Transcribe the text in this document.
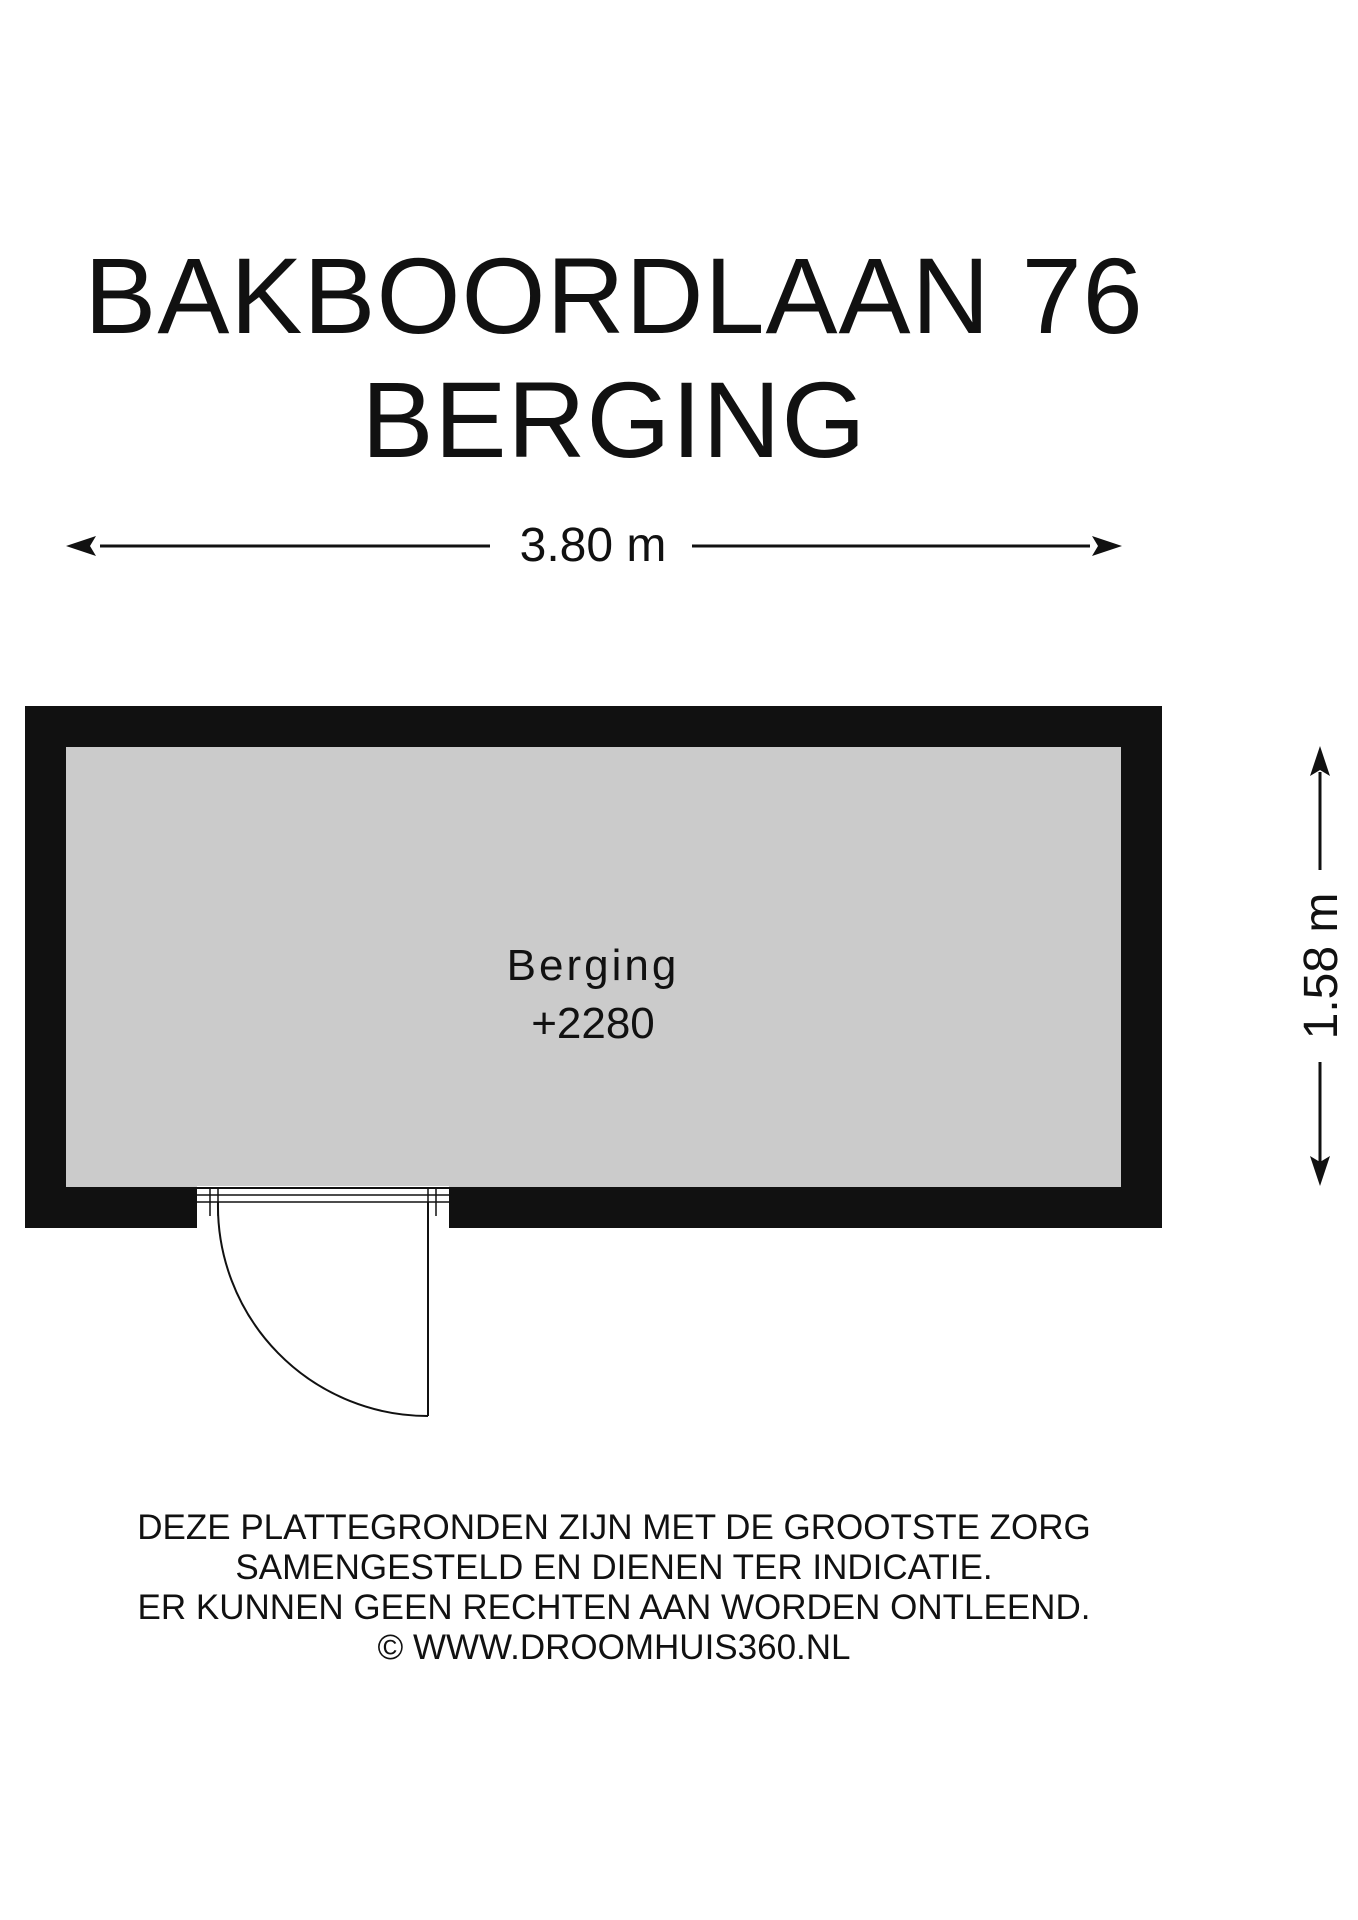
BAKBOORDLAAN 76
BERGING
3.80 m
Berging
+2280	1.58 m
DEZE PLATTEGRONDEN ZIJN MET DE GROOTSTE ZORG
SAMENGESTELD EN DIENEN TER INDICATIE.
ER KUNNEN GEEN RECHTEN AAN WORDEN ONTLEEND.
© WWW.DROOMHUIS360.NL
